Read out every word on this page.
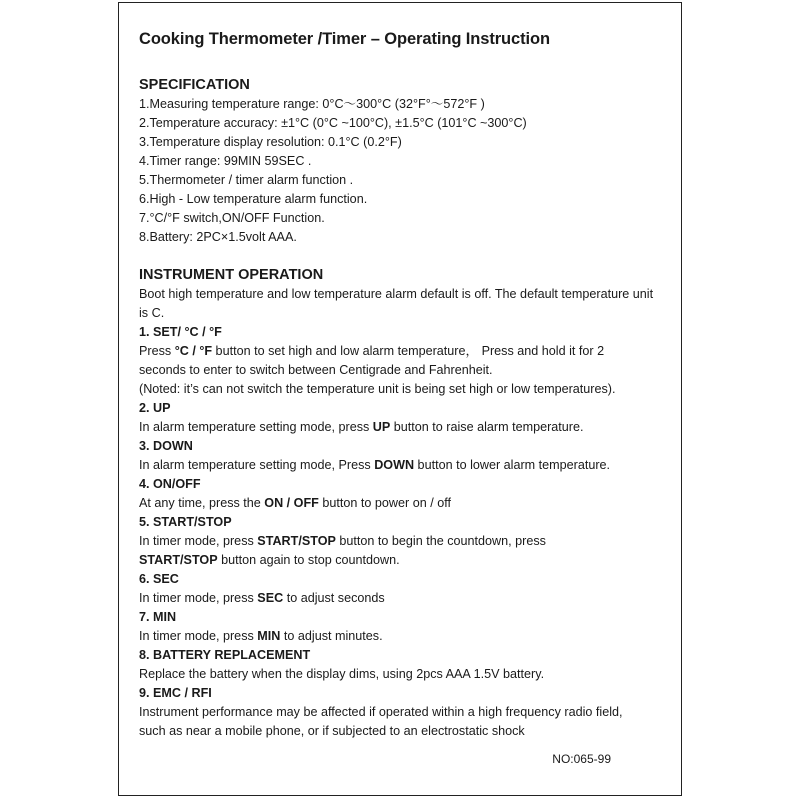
Cooking Thermometer /Timer – Operating Instruction
SPECIFICATION
1.Measuring temperature range: 0°C～300°C (32°F°～572°F )
2.Temperature accuracy: ±1°C (0°C ~100°C), ±1.5°C (101°C ~300°C)
3.Temperature display resolution: 0.1°C (0.2°F)
4.Timer range: 99MIN 59SEC .
5.Thermometer / timer alarm function .
6.High - Low temperature alarm function.
7.°C/°F switch,ON/OFF Function.
8.Battery: 2PC×1.5volt AAA.
INSTRUMENT OPERATION

Boot high temperature and low temperature alarm default is off. The default temperature unit is C.

1. SET/ °C / °F

Press °C / °F button to set high and low alarm temperature， Press and hold it for 2

seconds to enter to switch between Centigrade and Fahrenheit.

(Noted: it’s can not switch the temperature unit is being set high or low temperatures).

2. UP

In alarm temperature setting mode, press UP button to raise alarm temperature.

3. DOWN

In alarm temperature setting mode, Press DOWN button to lower alarm temperature.

4. ON/OFF

At any time, press the ON / OFF button to power on / off

5. START/STOP

In timer mode, press START/STOP button to begin the countdown, press

START/STOP button again to stop countdown.

6. SEC

In timer mode, press SEC to adjust seconds

7. MIN

In timer mode, press MIN to adjust minutes.

8. BATTERY REPLACEMENT

Replace the battery when the display dims, using 2pcs AAA 1.5V battery.

9. EMC / RFI

Instrument performance may be affected if operated within a high frequency radio field,

such as near a mobile phone, or if subjected to an electrostatic shock

NO:065-99
